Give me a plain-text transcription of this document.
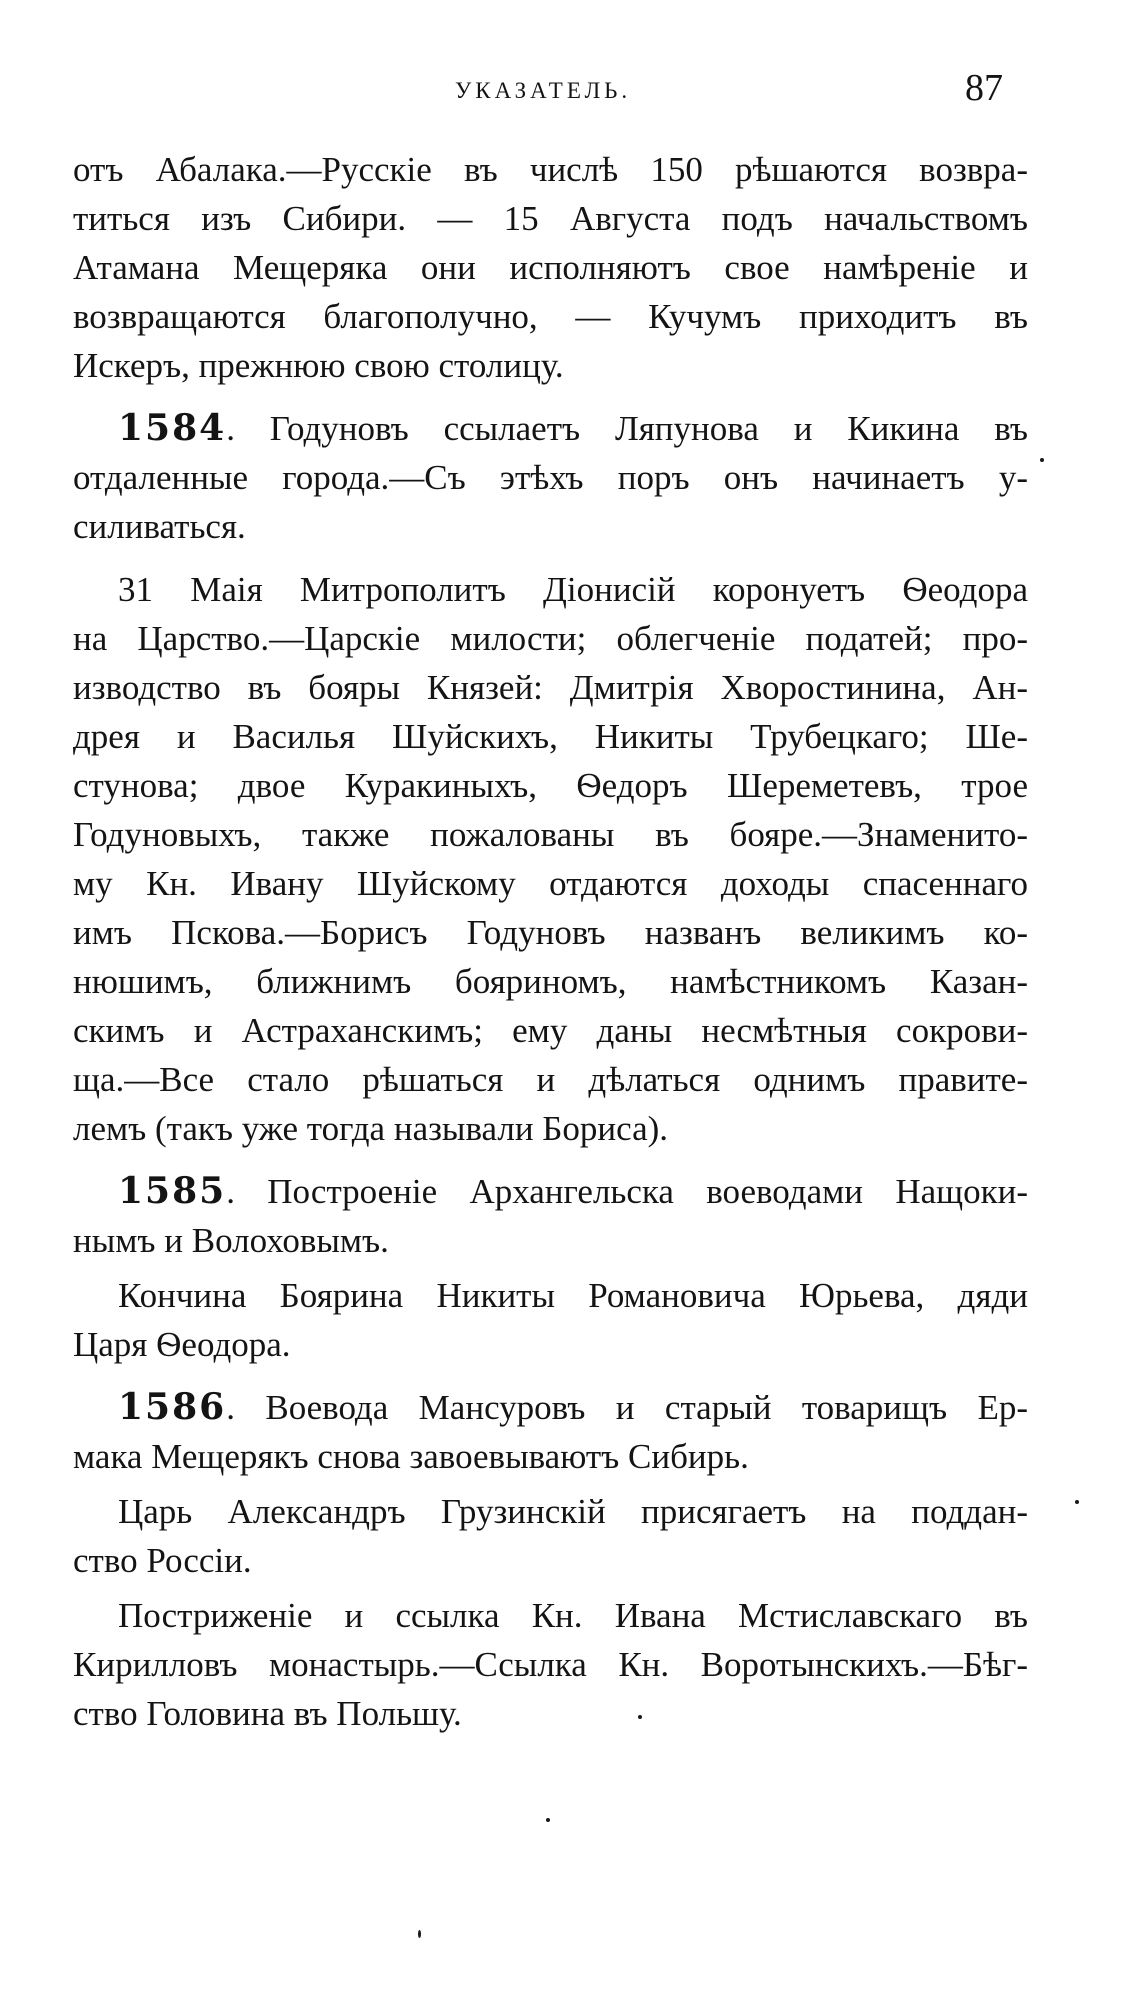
УКАЗАТЕЛЬ.	87
отъ Абалака.—Русскіе въ числѣ 150 рѣшаются возвра-
титься изъ Сибири. — 15 Августа подъ начальствомъ
Атамана Мещеряка они исполняютъ свое намѣреніе и
возвращаются благополучно, — Кучумъ приходитъ въ
Искеръ, прежнюю свою столицу.
1584. Годуновъ ссылаетъ Ляпунова и Кикина въ
отдаленные города.—Съ этѣхъ поръ онъ начинаетъ у-
силиваться.
31 Маія Митрополитъ Діонисій коронуетъ Ѳеодора
на Царство.—Царскіе милости; облегченіе податей; про-
изводство въ бояры Князей: Дмитрія Хворостинина, Ан-
дрея и Василья Шуйскихъ, Никиты Трубецкаго; Ше-
стунова; двое Куракиныхъ, Ѳедоръ Шереметевъ, трое
Годуновыхъ, также пожалованы въ бояре.—Знаменито-
му Кн. Ивану Шуйскому отдаются доходы спасеннаго
имъ Пскова.—Борисъ Годуновъ названъ великимъ ко-
нюшимъ, ближнимъ бояриномъ, намѣстникомъ Казан-
скимъ и Астраханскимъ; ему даны несмѣтныя сокрови-
ща.—Все стало рѣшаться и дѣлаться однимъ правите-
лемъ (такъ уже тогда называли Бориса).
1585. Построеніе Архангельска воеводами Нащоки-
нымъ и Волоховымъ.
Кончина Боярина Никиты Романовича Юрьева, дяди
Царя Ѳеодора.
1586. Воевода Мансуровъ и старый товарищъ Ер-
мака Мещерякъ снова завоевываютъ Сибирь.
Царь Александръ Грузинскій присягаетъ на поддан-
ство Россіи.
Постриженіе и ссылка Кн. Ивана Мстиславскаго въ
Кирилловъ монастырь.—Ссылка Кн. Воротынскихъ.—Бѣг-
ство Головина въ Польшу.
